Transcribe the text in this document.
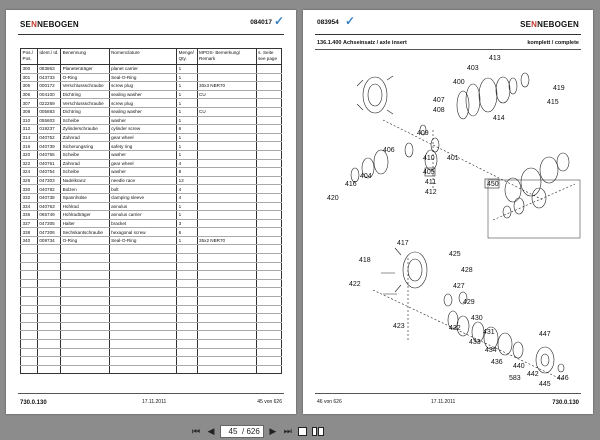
SENNEBOGEN	084017 ✓
Pos./ Pos.	Ident./ Id.	Benennung	Nomenclature	Menge/ Qty.	MPOS- Bemerkung/ Remark	s. Seite see page
300	083863	Planetenträger	planet carrier	1		
301	043733	O-Ring	Seal-O-Ring	1		
305	000172	Verschlussschraube	screw plug	1	30x3 NBR70	
306	004100	Dichtring	sealing washer	1	CU	
307	022269	Verschlussschraube	screw plug	1		
308	005883	Dichtring	sealing washer	1	CU	
310	055603	Scheibe	washer	1		
312	019237	Zylinderschraube	cylinder screw	6		
314	040752	Zahnrad	gear wheel	1		
316	040739	Sicherungsring	safety ring	1		
320	040765	Scheibe	washer	1		
322	040761	Zahnrad	gear wheel	4		
324	040754	Scheibe	washer	8		
326	047303	Nadelkranz	needle race	12		
330	040782	Bolzen	bolt	4		
332	040738	Spannhülse	clamping sleeve	4		
334	040763	Hohlrad	annulus	1		
336	065749	Hohlradträger	annulus carrier	1		
337	047305	Halter	bracket	3		
338	047306	Sechskantschraube	hexagonal screw	6		
340	009734	O-Ring	Seal-O-Ring	1	35x2 NBR70	

730.0.130	17.11.2011	45 von 626
083954 ✓	SENNEBOGEN
136.1.400 Achseinsatz / axle insert	komplett / complete
413
403
400
407
408
419
415
414
409
406
401
405
410
404
416	411
412
420
450
417
425
418
428
422	427
429
423
430
432
431
433
434
436
447
440
442
583
445
446
46 von 626	17.11.2011	730.0.130
⏮ ◀	45 / 626 ▶ ⏭
